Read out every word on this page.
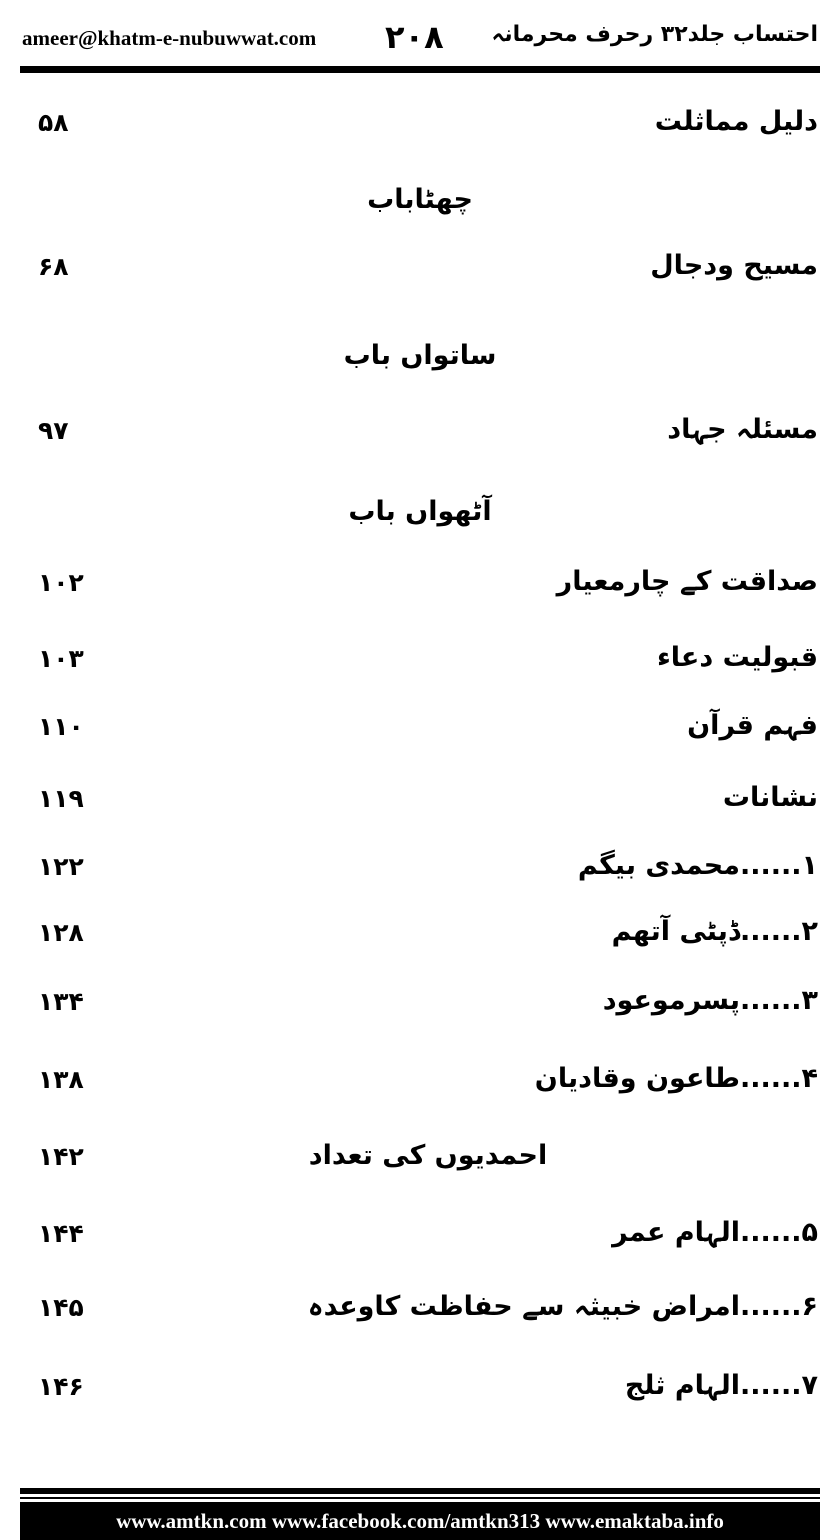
ameer@khatm-e-nubuwwat.com ۲۰۸ احتساب جلد۳۲ رحرف محرمانہ
دلیل مماثلت
۵۸
چھٹاباب
مسیح ودجال
۶۸
ساتواں باب
مسئلہ جہاد
۹۷
آٹھواں باب
صداقت کے چارمعیار
۱۰۲
قبولیت دعاء
۱۰۳
فہم قرآن
۱۱۰
نشانات
۱۱۹
۱......محمدی بیگم
۱۲۲
۲......ڈپٹی آتھم
۱۲۸
۳......پسرموعود
۱۳۴
۴......طاعون وقادیان
۱۳۸
احمدیوں کی تعداد
۱۴۲
۵......الہام عمر
۱۴۴
۶......امراض خبیثہ سے حفاظت کاوعدہ
۱۴۵
۷......الہام ثلج
۱۴۶
www.amtkn.com www.facebook.com/amtkn313 www.emaktaba.info
